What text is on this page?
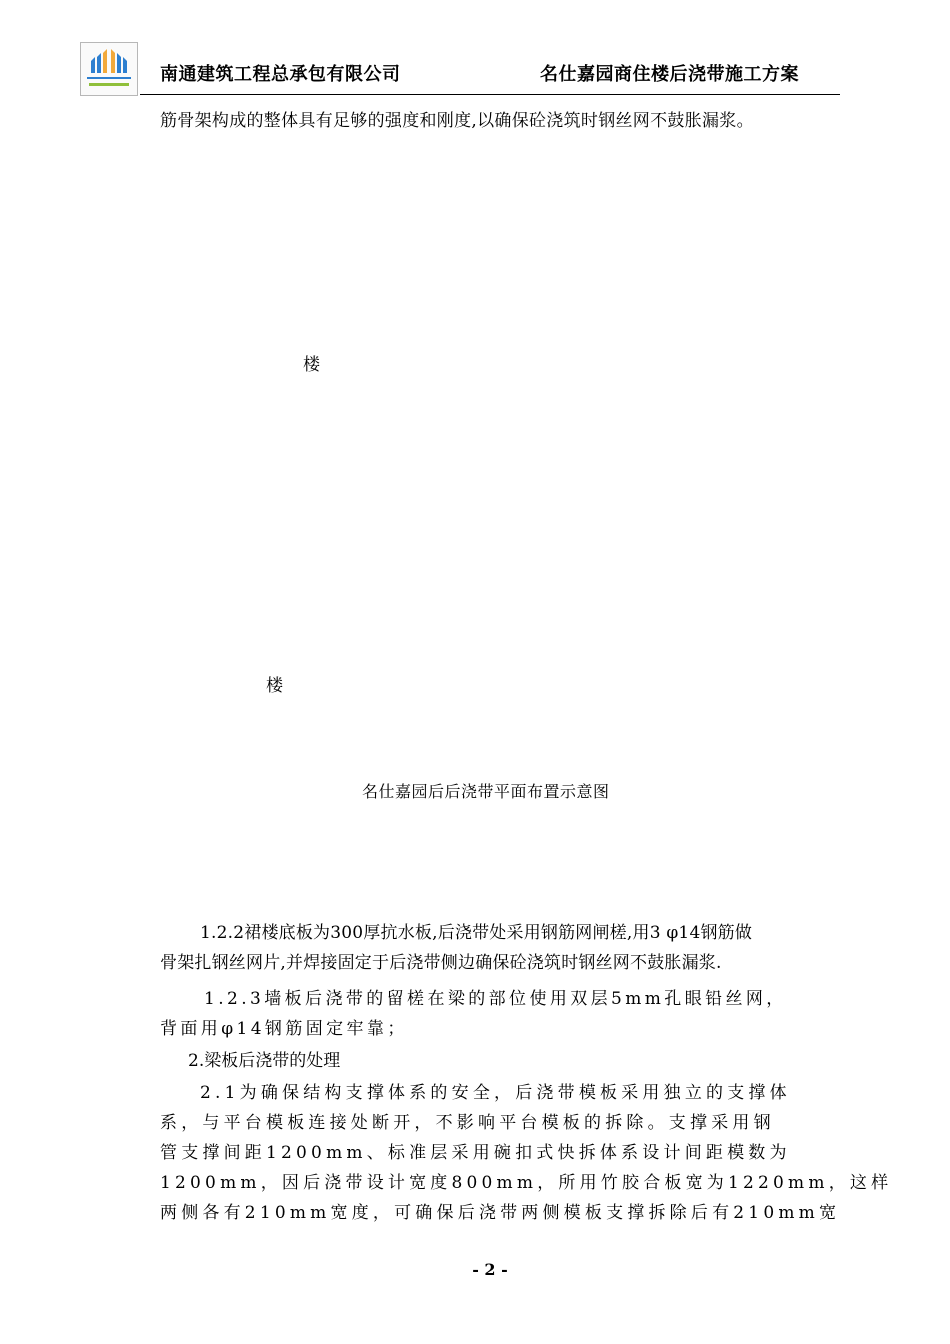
南通建筑工程总承包有限公司	名仕嘉园商住楼后浇带施工方案
筋骨架构成的整体具有足够的强度和刚度,以确保砼浇筑时钢丝网不鼓胀漏浆。
楼
楼
名仕嘉园后后浇带平面布置示意图
1.2.2裙楼底板为300厚抗水板,后浇带处采用钢筋网闸槎,用3 φ14钢筋做
骨架扎钢丝网片,并焊接固定于后浇带侧边确保砼浇筑时钢丝网不鼓胀漏浆.
1.2.3墙板后浇带的留槎在梁的部位使用双层5mm孔眼铅丝网，
背面用φ14钢筋固定牢靠；
2.梁板后浇带的处理
2.1为确保结构支撑体系的安全，后浇带模板采用独立的支撑体
系，与平台模板连接处断开，不影响平台模板的拆除。支撑采用钢
管支撑间距1200mm、标准层采用碗扣式快拆体系设计间距模数为
1200mm，因后浇带设计宽度800mm，所用竹胶合板宽为1220mm，这样
两侧各有210mm宽度，可确保后浇带两侧模板支撑拆除后有210mm宽
- 2 -
